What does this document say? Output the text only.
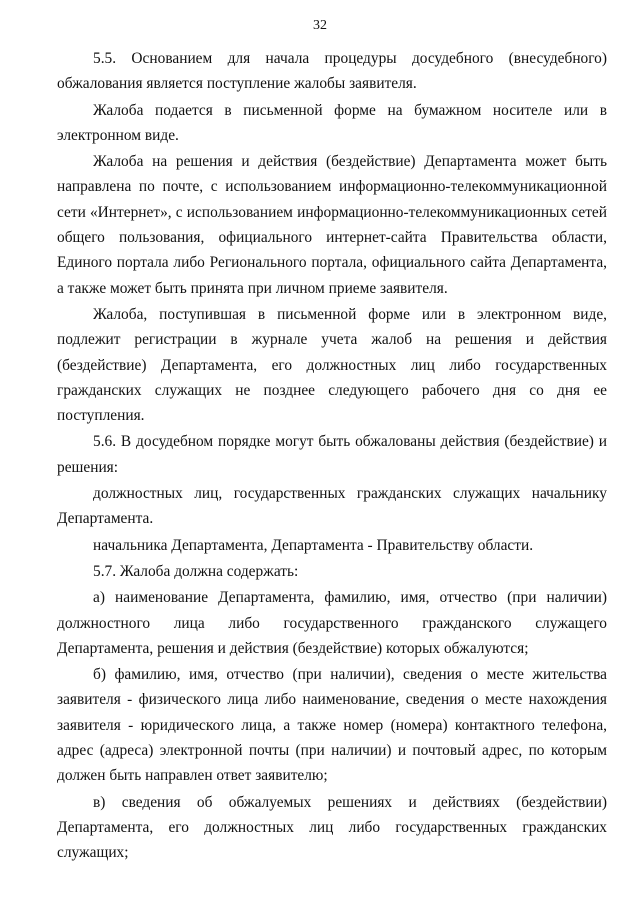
32

5.5. Основанием для начала процедуры досудебного (внесудебного) обжалования является поступление жалобы заявителя.

Жалоба подается в письменной форме на бумажном носителе или в электронном виде.

Жалоба на решения и действия (бездействие) Департамента может быть направлена по почте, с использованием информационно-телекоммуникационной сети «Интернет», с использованием информационно-телекоммуникационных сетей общего пользования, официального интернет-сайта Правительства области, Единого портала либо Регионального портала, официального сайта Департамента, а также может быть принята при личном приеме заявителя.

Жалоба, поступившая в письменной форме или в электронном виде, подлежит регистрации в журнале учета жалоб на решения и действия (бездействие) Департамента, его должностных лиц либо государственных гражданских служащих не позднее следующего рабочего дня со дня ее поступления.

5.6. В досудебном порядке могут быть обжалованы действия (бездействие) и решения:

должностных лиц, государственных гражданских служащих начальнику Департамента.

начальника Департамента, Департамента - Правительству области.

5.7. Жалоба должна содержать:

а) наименование Департамента, фамилию, имя, отчество (при наличии) должностного лица либо государственного гражданского служащего Департамента, решения и действия (бездействие) которых обжалуются;

б) фамилию, имя, отчество (при наличии), сведения о месте жительства заявителя - физического лица либо наименование, сведения о месте нахождения заявителя - юридического лица, а также номер (номера) контактного телефона, адрес (адреса) электронной почты (при наличии) и почтовый адрес, по которым должен быть направлен ответ заявителю;

в) сведения об обжалуемых решениях и действиях (бездействии) Департамента, его должностных лиц либо государственных гражданских служащих;
